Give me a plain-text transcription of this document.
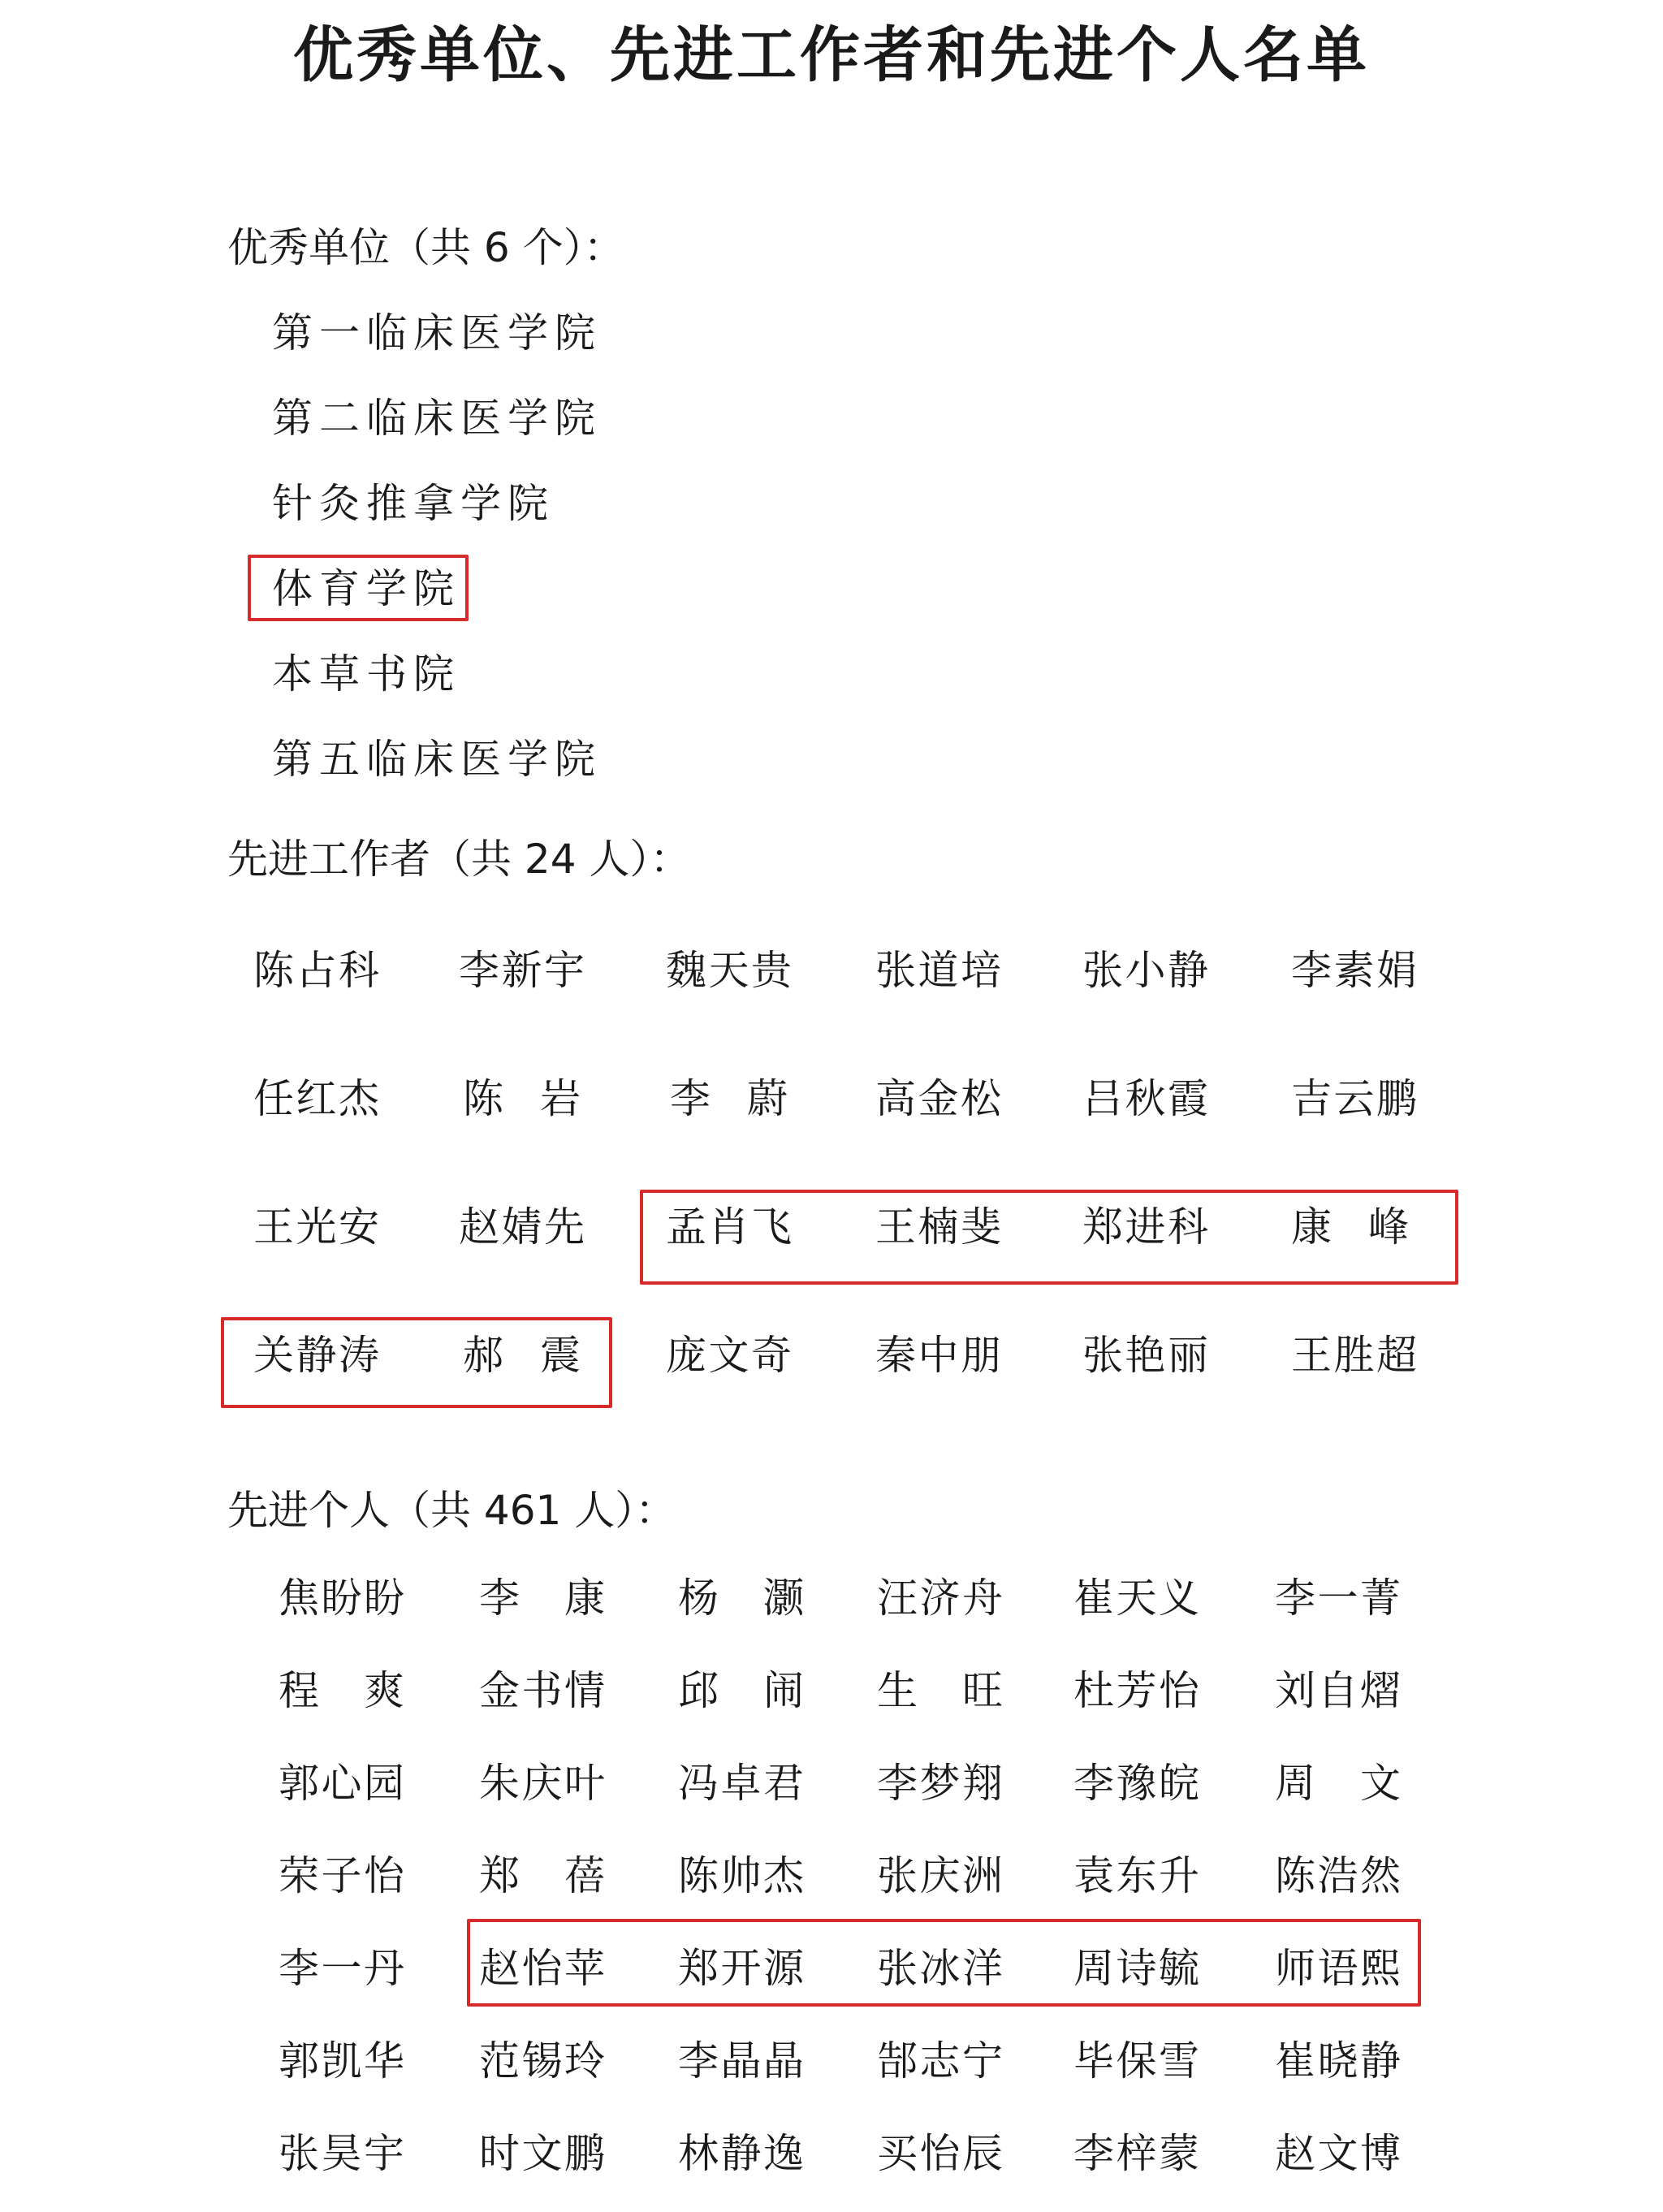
优秀单位、先进工作者和先进个人名单
优秀单位（共 6 个）：
第一临床医学院
第二临床医学院
针灸推拿学院
体育学院
本草书院
第五临床医学院
先进工作者（共 24 人）：
陈占科 李新宇 魏天贵 张道培 张小静 李素娟
任红杰 陈岩 李蔚 高金松 吕秋霞 吉云鹏
王光安 赵婧先 孟肖飞 王楠斐 郑进科 康峰
关静涛 郝震 庞文奇 秦中朋 张艳丽 王胜超
先进个人（共 461 人）：
焦盼盼 李康 杨灏 汪济舟 崔天义 李一菁
程爽 金书情 邱闹 生旺 杜芳怡 刘自熠
郭心园 朱庆叶 冯卓君 李梦翔 李豫皖 周文
荣子怡 郑蓓 陈帅杰 张庆洲 袁东升 陈浩然
李一丹 赵怡苹 郑开源 张冰洋 周诗毓 师语熙
郭凯华 范锡玲 李晶晶 郜志宁 毕保雪 崔晓静
张昊宇 时文鹏 林静逸 买怡辰 李梓蒙 赵文博
